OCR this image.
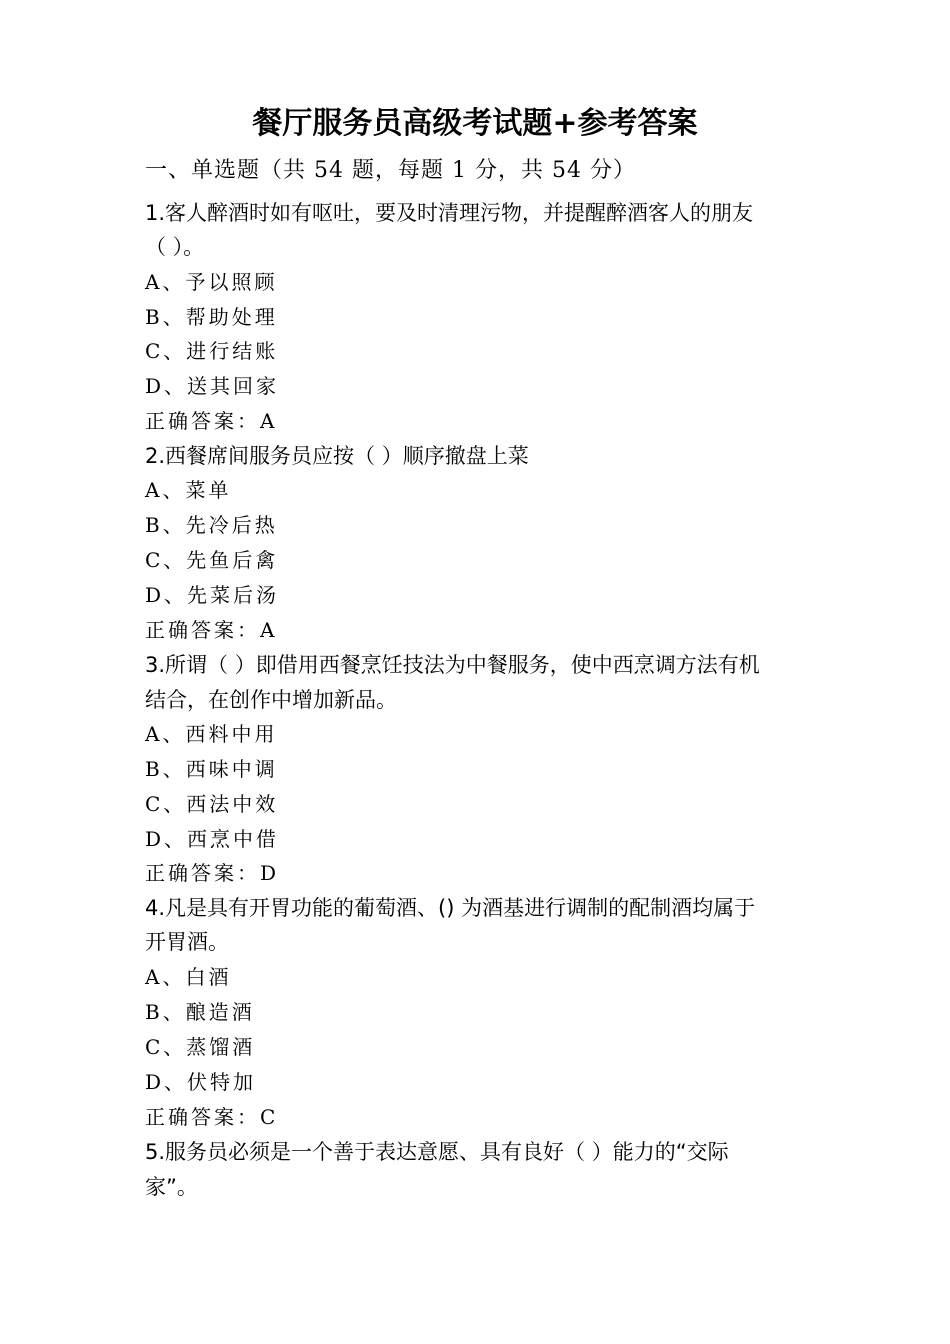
餐厅服务员高级考试题+参考答案
一、单选题（共 54 题，每题 1 分，共 54 分）
1.客人醉酒时如有呕吐，要及时清理污物，并提醒醉酒客人的朋友
（ ）。
A、予以照顾
B、帮助处理
C、进行结账
D、送其回家
正确答案：A
2.西餐席间服务员应按（ ）顺序撤盘上菜
A、菜单
B、先冷后热
C、先鱼后禽
D、先菜后汤
正确答案：A
3.所谓（ ）即借用西餐烹饪技法为中餐服务，使中西烹调方法有机
结合，在创作中增加新品。
A、西料中用
B、西味中调
C、西法中效
D、西烹中借
正确答案：D
4.凡是具有开胃功能的葡萄酒、() 为酒基进行调制的配制酒均属于
开胃酒。
A、白酒
B、酿造酒
C、蒸馏酒
D、伏特加
正确答案：C
5.服务员必须是一个善于表达意愿、具有良好（ ）能力的“交际
家”。
